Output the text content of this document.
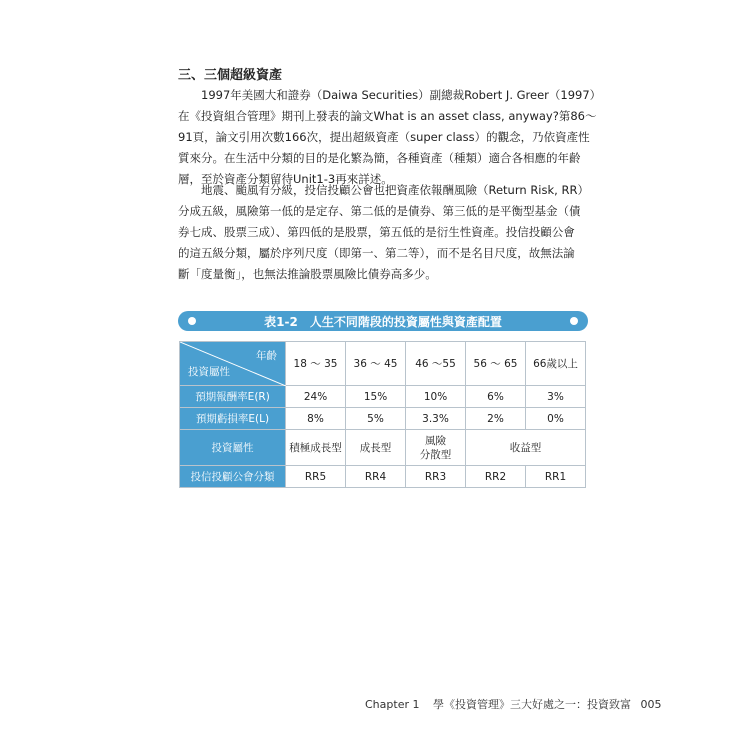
三、三個超級資產

1997年美國大和證券（Daiwa Securities）副總裁Robert J. Greer（1997）
在《投資組合管理》期刊上發表的論文What is an asset class, anyway?第86～
91頁，論文引用次數166次，提出超級資產（super class）的觀念，乃依資產性
質來分。在生活中分類的目的是化繁為簡，各種資產（種類）適合各相應的年齡
層，至於資產分類留待Unit1-3再來詳述。

地震、颱風有分級，投信投顧公會也把資產依報酬風險（Return Risk, RR）
分成五級，風險第一低的是定存、第二低的是債券、第三低的是平衡型基金（債
券七成、股票三成）、第四低的是股票，第五低的是衍生性資產。投信投顧公會
的這五級分類，屬於序列尺度（即第一、第二等），而不是名目尺度，故無法論
斷「度量衡」，也無法推論股票風險比債券高多少。

表1-2 人生不同階段的投資屬性與資產配置
年齡
投資屬性	18 ～ 35	36 ～ 45	46 ～55	56 ～ 65	66歲以上
預期報酬率E(R)	24%	15%	10%	6%	3%
預期虧損率E(L)	8%	5%	3.3%	2%	0%
投資屬性	積極成長型	成長型	風險
分散型	收益型	
投信投顧公會分類	RR5	RR4	RR3	RR2	RR1
Chapter 1 學《投資管理》三大好處之一：投資致富 005
